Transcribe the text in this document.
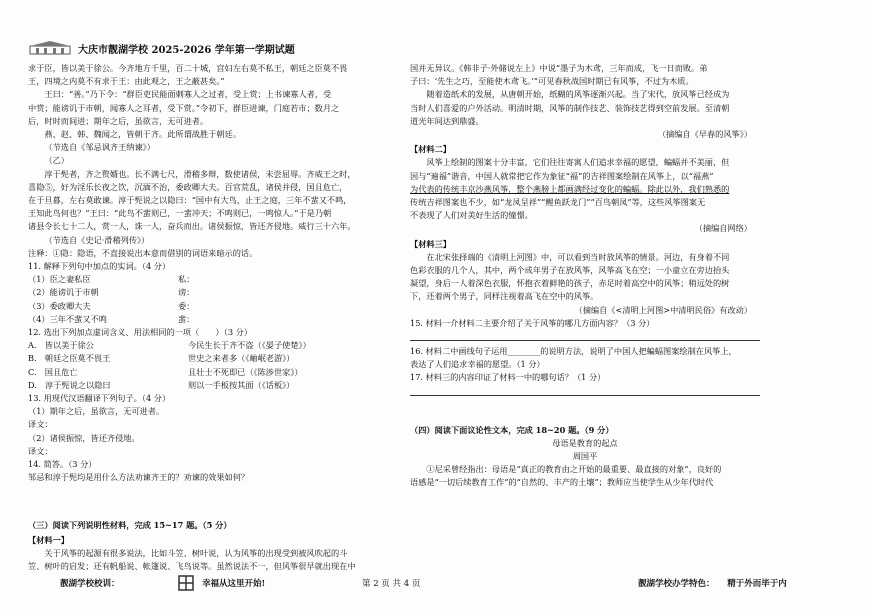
大庆市靓湖学校 2025-2026 学年第一学期试题

求于臣，皆以美于徐公。今齐地方千里，百二十城，宫妇左右莫不私王，朝廷之臣莫不畏

王，四境之内莫不有求于王：由此观之，王之蔽甚矣。”

王曰：“善。”乃下令：“群臣吏民能面刺寡人之过者，受上赏；上书谏寡人者，受

中赏；能谤讥于市朝，闻寡人之耳者，受下赏。”令初下，群臣进谏，门庭若市；数月之

后，时时而间进；期年之后，虽欲言，无可进者。

燕、赵、韩、魏闻之，皆朝于齐。此所谓战胜于朝廷。

（节选自《邹忌讽齐王纳谏》）

（乙）

淳于髡者，齐之赘婿也。长不满七尺，滑稽多辩，数使诸侯，未尝屈辱。齐威王之时，

喜隐⑤，好为淫乐长夜之饮，沉湎不治，委政卿大夫。百官荒乱，诸侯并侵，国且危亡，

在于旦暮，左右莫敢谏。淳于髡说之以隐曰：“国中有大鸟，止王之庭，三年不蜚又不鸣，

王知此鸟何也？”王曰：“此鸟不蜚则已，一蜚冲天；不鸣则已，一鸣惊人。”于是乃朝

诸县令长七十二人，赏一人，诛一人，奋兵而出。诸侯振惊，皆还齐侵地。威行三十六年。

（节选自《史记·滑稽列传》）

注释：①隐：隐语，不直接说出本意而借别的词语来暗示的话。

11. 解释下列句中加点的实词。（4 分）

（1）臣之妻私臣	私：
（2）能谤讥于市朝	谤：
（3）委政卿大夫	委：
（4）三年不蜚又不鸣	蜚：

12. 选出下列加点虚词含义、用法相同的一项（　　）（3 分）

A.　皆以美于徐公	今民生长于齐不盗（《晏子使楚》）
B.　朝廷之臣莫不畏王	世史之来者多（《岫岷老游》）
C.　国且危亡	且壮士不死即已（《陈涉世家》）
D.　淳于髡说之以隐曰	则以一手板按其面（《话板》）

13. 用现代汉语翻译下列句子。（4 分）

（1）期年之后，虽欲言，无可进者。

译文：

（2）诸侯振惊，皆还齐侵地。

译文：

14. 简答。（3 分）

邹忌和淳于髡均是用什么方法劝谏齐王的？劝谏的效果如何？

（三）阅读下列说明性材料，完成 15~17 题。（5 分）

【材料一】

关于风筝的起源有很多说法，比如斗笠、树叶说，认为风筝的出现受到被风吹起的斗

笠、树叶的启发；还有帆船说、帐篷说、飞鸟说等。虽然说法不一，但风筝很早就出现在中

国并无异议。《韩非子·外储说左上》中说“墨子为木鸢，三年而成，飞一日而败。弟

子曰：‘先生之巧，至能使木鸢飞。’”可见春秋战国时期已有风筝，不过为木质。

随着造纸术的发展，从唐朝开始，纸糊的风筝逐渐兴起。当了宋代，放风筝已经成为

当时人们喜爱的户外活动。明清时期，风筝的制作技艺、装饰技艺得到空前发展。至清朝

道光年间达到鼎盛。

（摘编自《早春的风筝》）

【材料二】

风筝上绘制的图案十分丰富，它们往往寄寓人们追求幸福的愿望，蝙蝠并不美丽，但

因与“遍福”谐音，中国人就常把它作为象征“福”的吉祥图案绘制在风筝上，以“福燕”

为代表的传统丰京沙燕风筝，整个燕膀上都画满经过变化的蝙蝠。除此以外，我们熟悉的

传统吉祥图案也不少，如“龙凤呈祥”“鲤鱼跃龙门”“百鸟朝凤”等，这些风筝图案无

不表现了人们对美好生活的憧憬。

（摘编自网络）

【材料三】

在北宋张择端的《清明上河图》中，可以看到当时放风筝的情景。河边，有身着不同

色彩衣服的几个人，其中，两个成年男子在放风筝，风筝高飞在空；一小童立在旁边抬头

凝望，身后一人着深色衣服，怀抱衣着鲜艳的孩子，赤足时着高空中的风筝；稍远处的树

下，还着两个男子，同样注视着高飞在空中的风筝。

（摘编自《<清明上河图>中清明民俗》有改动）

15. 材料一介材料二主要介绍了关于风筝的哪几方面内容？（3 分）

16. 材料二中画线句子运用________的说明方法，说明了中国人把蝙蝠图案绘制在风筝上，

表达了人们追求幸福的愿望。（1 分）

17. 材料三的内容印证了材料一中的哪句话？（1 分）

（四）阅读下面议论性文本，完成 18~20 题。（9 分）

母语是教育的起点

周国平

①尼采曾经指出：母语是“真正的教育由之开始的最重要、最直接的对象”，良好的

语感是“一切后续教育工作”的“自然的、丰产的土壤”；教师应当使学生从少年代时代

靓湖学校校训：	幸福从这里开始!	第 2 页 共 4 页	靓湖学校办学特色：　　精于外而毕于内
